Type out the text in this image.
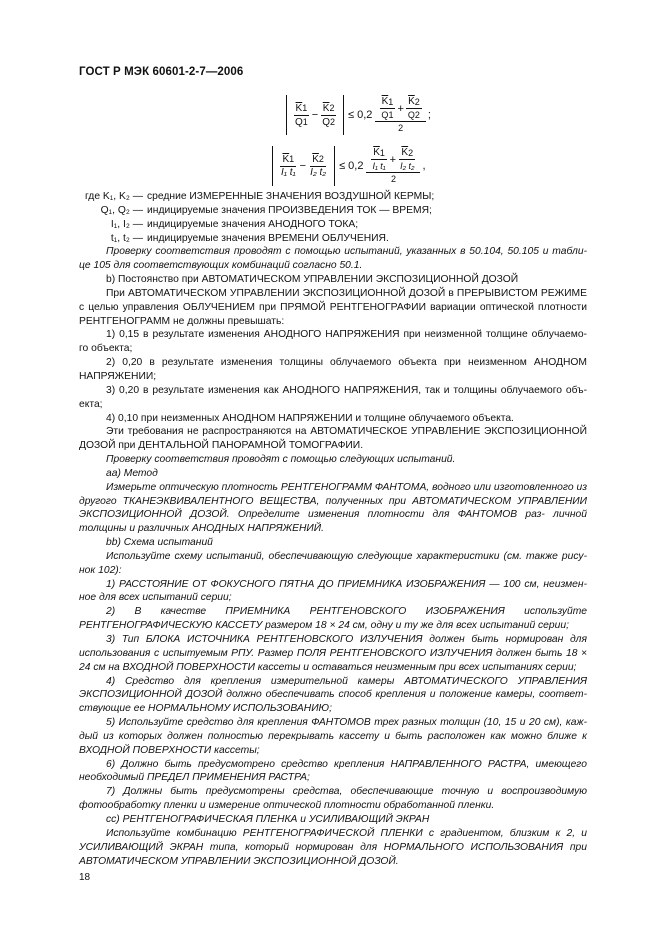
ГОСТ Р МЭК 60601-2-7—2006
$\frac{\overline{K}1}{Q1} - \frac{\overline{K}2}{Q2} \le 0,2 \frac{\overline{K} 1}{Q1} + \frac{\overline{K} 2}{Q2}$
2
;
$\frac{\overline{K}1}{\text{I₁ t₁}} - \frac{\overline{K}2}{\text{I₂ t₂}} \le 0,2 \frac{\overline{K} 1}{\text{I₁ t₁}} + \frac{\overline{K} 2}{\text{I₂ t₂}}$
2
,
где K₁, K₂ — средние ИЗМЕРЕННЫЕ ЗНАЧЕНИЯ ВОЗДУШНОЙ КЕРМЫ;
Q₁, Q₂ — индицируемые значения ПРОИЗВЕДЕНИЯ ТОК — ВРЕМЯ;
I₁, I₂ — индицируемые значения АНОДНОГО ТОКА;
t₁, t₂ — индицируемые значения ВРЕМЕНИ ОБЛУЧЕНИЯ.

Проверку соответствия проводят с помощью испытаний, указанных в 50.104, 50.105 и табли- це 105 для соответствующих комбинаций согласно 50.1.

b) Постоянство при АВТОМАТИЧЕСКОМ УПРАВЛЕНИИ ЭКСПОЗИЦИОННОЙ ДОЗОЙ

При АВТОМАТИЧЕСКОМ УПРАВЛЕНИИ ЭКСПОЗИЦИОННОЙ ДОЗОЙ в ПРЕРЫВИСТОМ РЕЖИМЕ с целью управления ОБЛУЧЕНИЕМ при ПРЯМОЙ РЕНТГЕНОГРАФИИ вариации оптической плотности РЕНТГЕНОГРАММ не должны превышать:

1) 0,15 в результате изменения АНОДНОГО НАПРЯЖЕНИЯ при неизменной толщине облучаемо- го объекта;

2) 0,20 в результате изменения толщины облучаемого объекта при неизменном АНОДНОМ НАПРЯЖЕНИИ;

3) 0,20 в результате изменения как АНОДНОГО НАПРЯЖЕНИЯ, так и толщины облучаемого объ- екта;

4) 0,10 при неизменных АНОДНОМ НАПРЯЖЕНИИ и толщине облучаемого объекта.

Эти требования не распространяются на АВТОМАТИЧЕСКОЕ УПРАВЛЕНИЕ ЭКСПОЗИЦИОННОЙ ДОЗОЙ при ДЕНТАЛЬНОЙ ПАНОРАМНОЙ ТОМОГРАФИИ.

Проверку соответствия проводят с помощью следующих испытаний.

аа) Метод

Измерьте оптическую плотность РЕНТГЕНОГРАММ ФАНТОМА, водного или изготовленного из другого ТКАНЕЭКВИВАЛЕНТНОГО ВЕЩЕСТВА, полученных при АВТОМАТИЧЕСКОМ УПРАВЛЕНИИ ЭКСПОЗИЦИОННОЙ ДОЗОЙ. Определите изменения плотности для ФАНТОМОВ раз- личной толщины и различных АНОДНЫХ НАПРЯЖЕНИЙ.

bb) Схема испытаний

Используйте схему испытаний, обеспечивающую следующие характеристики (см. также рису- нок 102):

1) РАССТОЯНИЕ ОТ ФОКУСНОГО ПЯТНА ДО ПРИЕМНИКА ИЗОБРАЖЕНИЯ — 100 см, неизмен- ное для всех испытаний серии;

2) В качестве ПРИЕМНИКА РЕНТГЕНОВСКОГО ИЗОБРАЖЕНИЯ используйте РЕНТГЕНОГРАФИЧЕСКУЮ КАССЕТУ размером 18 × 24 см, одну и ту же для всех испытаний серии;

3) Тип БЛОКА ИСТОЧНИКА РЕНТГЕНОВСКОГО ИЗЛУЧЕНИЯ должен быть нормирован для использования с испытуемым РПУ. Размер ПОЛЯ РЕНТГЕНОВСКОГО ИЗЛУЧЕНИЯ должен быть 18 × 24 см на ВХОДНОЙ ПОВЕРХНОСТИ кассеты и оставаться неизменным при всех испытаниях серии;

4) Средство для крепления измерительной камеры АВТОМАТИЧЕСКОГО УПРАВЛЕНИЯ ЭКСПОЗИЦИОННОЙ ДОЗОЙ должно обеспечивать способ крепления и положение камеры, соответ- ствующие ее НОРМАЛЬНОМУ ИСПОЛЬЗОВАНИЮ;

5) Используйте средство для крепления ФАНТОМОВ трех разных толщин (10, 15 и 20 см), каж- дый из которых должен полностью перекрывать кассету и быть расположен как можно ближе к ВХОДНОЙ ПОВЕРХНОСТИ кассеты;

6) Должно быть предусмотрено средство крепления НАПРАВЛЕННОГО РАСТРА, имеющего необходимый ПРЕДЕЛ ПРИМЕНЕНИЯ РАСТРА;

7) Должны быть предусмотрены средства, обеспечивающие точную и воспроизводимую фотообработку пленки и измерение оптической плотности обработанной пленки.

сс) РЕНТГЕНОГРАФИЧЕСКАЯ ПЛЕНКА и УСИЛИВАЮЩИЙ ЭКРАН

Используйте комбинацию РЕНТГЕНОГРАФИЧЕСКОЙ ПЛЕНКИ с градиентом, близким к 2, и УСИЛИВАЮЩИЙ ЭКРАН типа, который нормирован для НОРМАЛЬНОГО ИСПОЛЬЗОВАНИЯ при АВТОМАТИЧЕСКОМ УПРАВЛЕНИИ ЭКСПОЗИЦИОННОЙ ДОЗОЙ.

18
